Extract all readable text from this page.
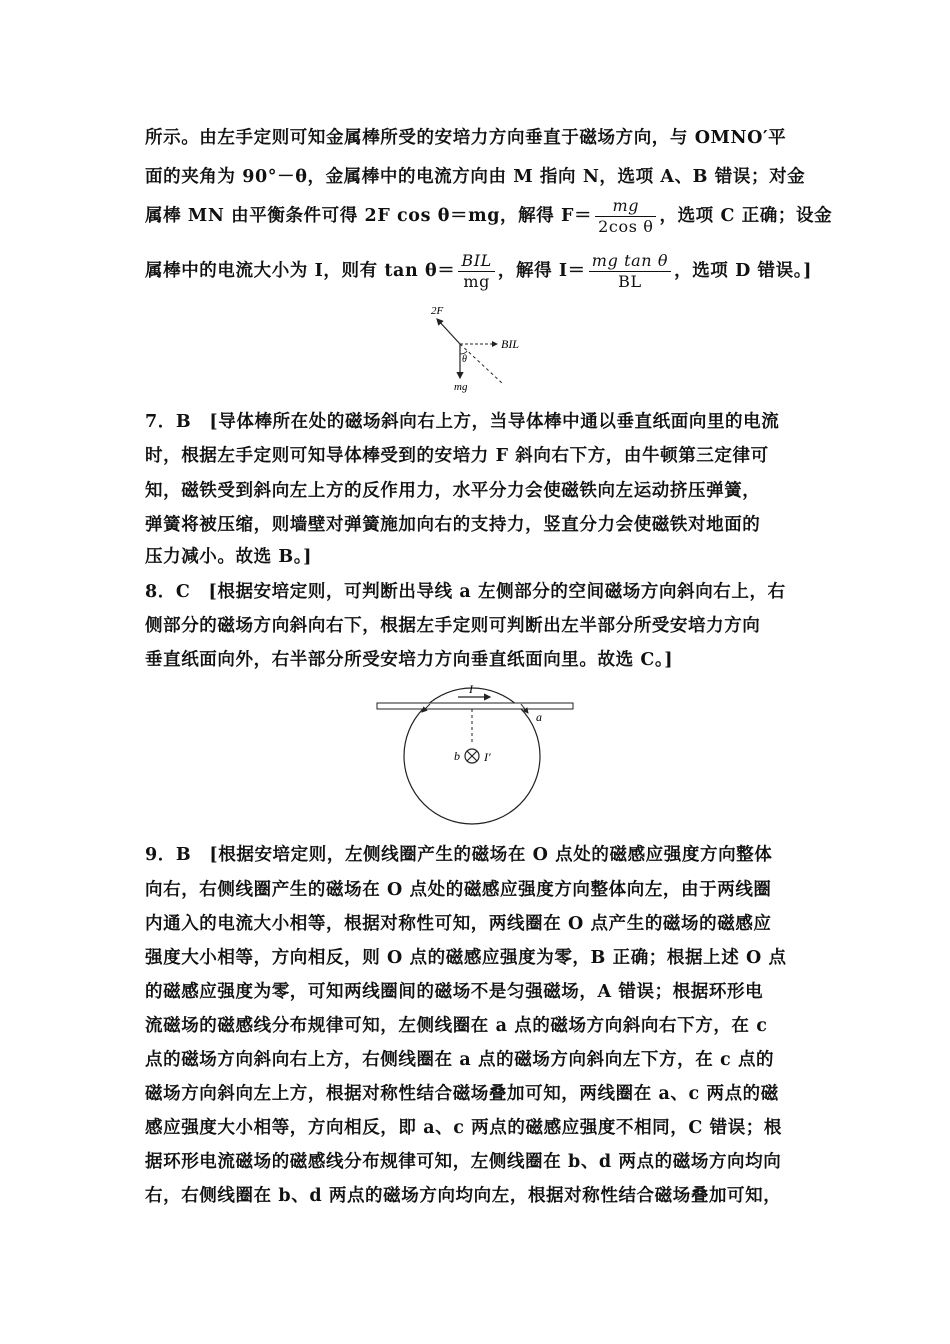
所示。由左手定则可知金属棒所受的安培力方向垂直于磁场方向，与 OMNO′平
面的夹角为 90°－θ，金属棒中的电流方向由 M 指向 N，选项 A、B 错误；对金
属棒 MN 由平衡条件可得 2F cos θ＝mg，解得 $F= \frac{mg}{\text{2cos θ}}$ ，选项 C 正确；设金
属棒中的电流大小为 I，则有 $\tan \theta= \frac{\text{BIL}}{mg}$ ，解得 $I= \frac{\text{mg tan θ}}{BL}$ ，选项 D 错误。]
2F
BIL
θ
mg
7．B　[导体棒所在处的磁场斜向右上方，当导体棒中通以垂直纸面向里的电流
时，根据左手定则可知导体棒受到的安培力 F 斜向右下方，由牛顿第三定律可
知，磁铁受到斜向左上方的反作用力，水平分力会使磁铁向左运动挤压弹簧，
弹簧将被压缩，则墙壁对弹簧施加向右的支持力，竖直分力会使磁铁对地面的
压力减小。故选 B。]
8．C　[根据安培定则，可判断出导线 a 左侧部分的空间磁场方向斜向右上，右
侧部分的磁场方向斜向右下，根据左手定则可判断出左半部分所受安培力方向
垂直纸面向外，右半部分所受安培力方向垂直纸面向里。故选 C。]
I
a
b I′
9．B　[根据安培定则，左侧线圈产生的磁场在 O 点处的磁感应强度方向整体
向右，右侧线圈产生的磁场在 O 点处的磁感应强度方向整体向左，由于两线圈
内通入的电流大小相等，根据对称性可知，两线圈在 O 点产生的磁场的磁感应
强度大小相等，方向相反，则 O 点的磁感应强度为零，B 正确；根据上述 O 点
的磁感应强度为零，可知两线圈间的磁场不是匀强磁场，A 错误；根据环形电
流磁场的磁感线分布规律可知，左侧线圈在 a 点的磁场方向斜向右下方，在 c
点的磁场方向斜向右上方，右侧线圈在 a 点的磁场方向斜向左下方，在 c 点的
磁场方向斜向左上方，根据对称性结合磁场叠加可知，两线圈在 a、c 两点的磁
感应强度大小相等，方向相反，即 a、c 两点的磁感应强度不相同，C 错误；根
据环形电流磁场的磁感线分布规律可知，左侧线圈在 b、d 两点的磁场方向均向
右，右侧线圈在 b、d 两点的磁场方向均向左，根据对称性结合磁场叠加可知，
